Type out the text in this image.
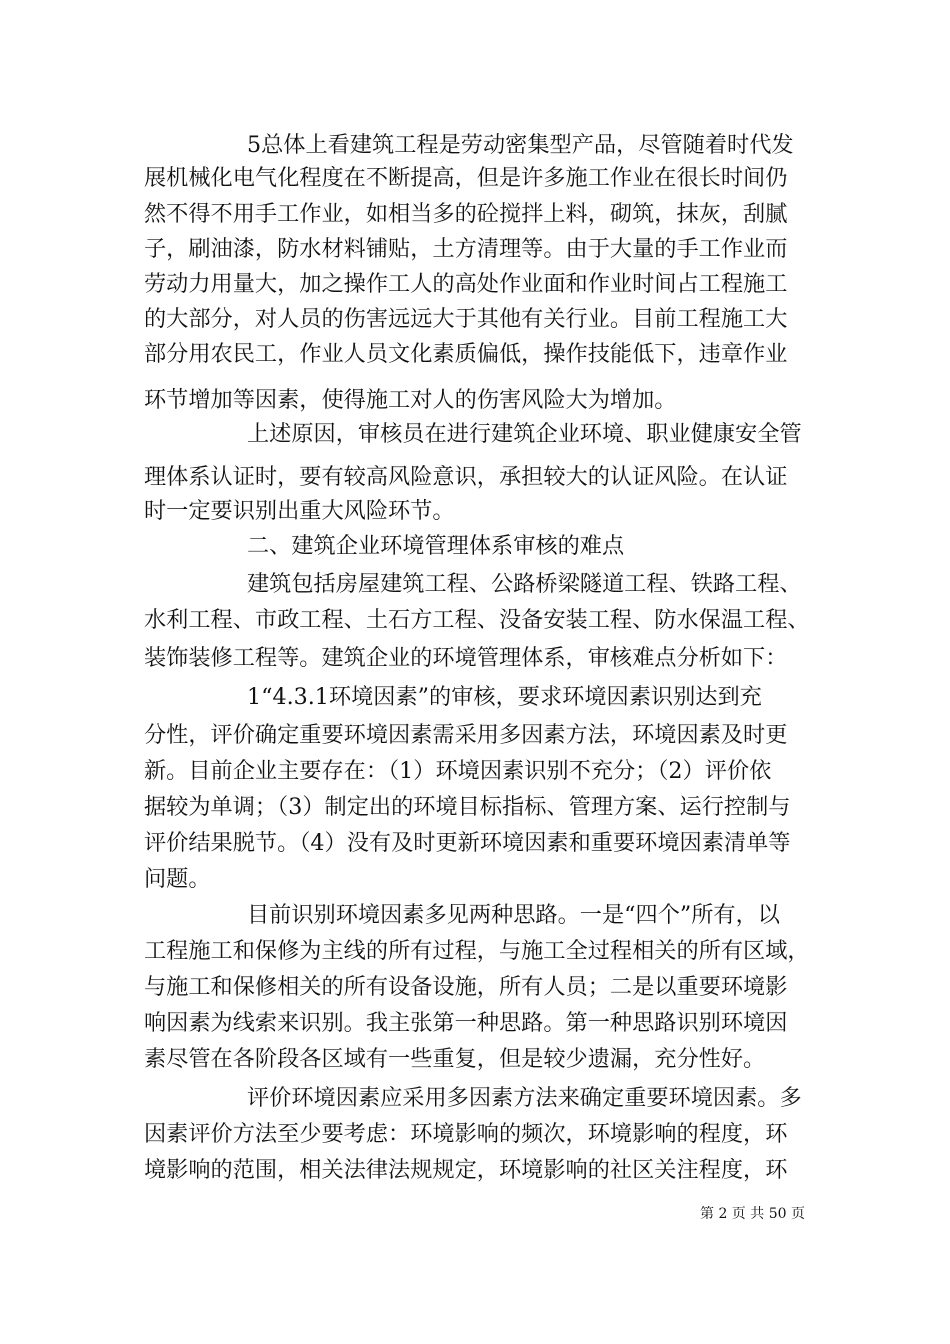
5总体上看建筑工程是劳动密集型产品，尽管随着时代发

展机械化电气化程度在不断提高，但是许多施工作业在很长时间仍

然不得不用手工作业，如相当多的砼搅拌上料，砌筑，抹灰，刮腻

子，刷油漆，防水材料铺贴，土方清理等。由于大量的手工作业而

劳动力用量大，加之操作工人的高处作业面和作业时间占工程施工

的大部分，对人员的伤害远远大于其他有关行业。目前工程施工大

部分用农民工，作业人员文化素质偏低，操作技能低下，违章作业

环节增加等因素，使得施工对人的伤害风险大为增加。

上述原因，审核员在进行建筑企业环境、职业健康安全管

理体系认证时，要有较高风险意识，承担较大的认证风险。在认证

时一定要识别出重大风险环节。

二、建筑企业环境管理体系审核的难点

建筑包括房屋建筑工程、公路桥梁隧道工程、铁路工程、

水利工程、市政工程、土石方工程、没备安装工程、防水保温工程、

装饰装修工程等。建筑企业的环境管理体系，审核难点分析如下：

1“4.3.1环境因素”的审核，要求环境因素识别达到充

分性，评价确定重要环境因素需采用多因素方法，环境因素及时更

新。目前企业主要存在：（1）环境因素识别不充分；（2）评价依

据较为单调；（3）制定出的环境目标指标、管理方案、运行控制与

评价结果脱节。（4）没有及时更新环境因素和重要环境因素清单等

问题。

目前识别环境因素多见两种思路。一是“四个”所有，以

工程施工和保修为主线的所有过程，与施工全过程相关的所有区域，

与施工和保修相关的所有设备设施，所有人员；二是以重要环境影

响因素为线索来识别。我主张第一种思路。第一种思路识别环境因

素尽管在各阶段各区域有一些重复，但是较少遗漏，充分性好。

评价环境因素应采用多因素方法来确定重要环境因素。多

因素评价方法至少要考虑：环境影响的频次，环境影响的程度，环

境影响的范围，相关法律法规规定，环境影响的社区关注程度，环

第 2 页 共 50 页
